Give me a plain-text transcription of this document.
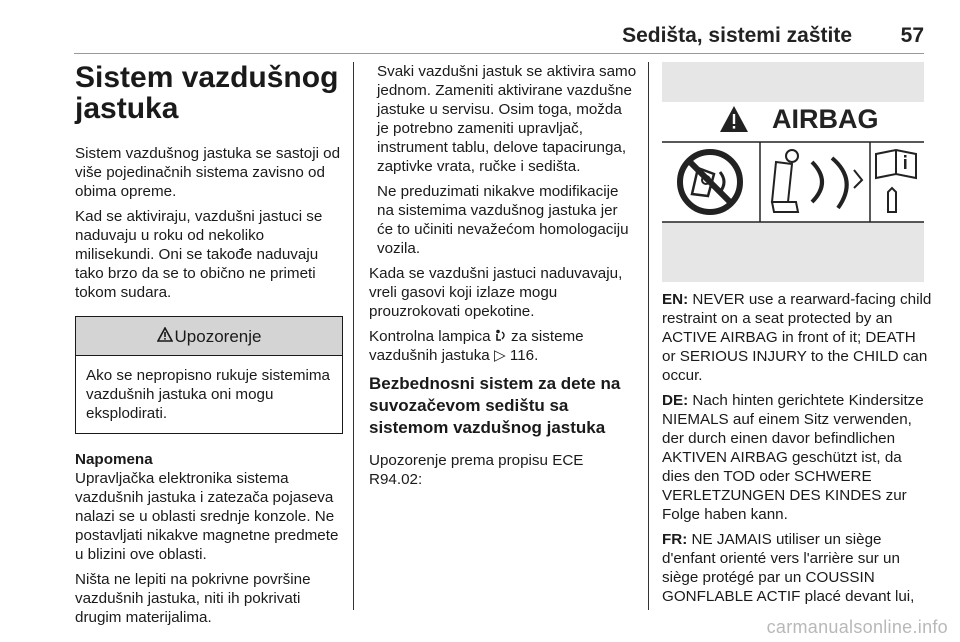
Sedišta, sistemi zaštite 57
Sistem vazdušnog jastuka

Sistem vazdušnog jastuka se sastoji od više pojedinačnih sistema zavisno od obima opreme.

Kad se aktiviraju, vazdušni jastuci se naduvaju u roku od nekoliko milisekundi. Oni se takođe naduvaju tako brzo da se to obično ne primeti tokom sudara.

Upozorenje

Ako se nepropisno rukuje sistemima vazdušnih jastuka oni mogu eksplodirati.

Napomena

Upravljačka elektronika sistema vazdušnih jastuka i zatezača pojaseva nalazi se u oblasti srednje konzole. Ne postavljati nikakve magnetne predmete u blizini ove oblasti.

Ništa ne lepiti na pokrivne površine vazdušnih jastuka, niti ih pokrivati drugim materijalima.

Svaki vazdušni jastuk se aktivira samo jednom. Zameniti aktivirane vazdušne jastuke u servisu. Osim toga, možda je potrebno zameniti upravljač, instrument tablu, delove tapacirunga, zaptivke vrata, ručke i sedišta.

Ne preduzimati nikakve modifikacije na sistemima vazdušnog jastuka jer će to učiniti nevažećom homologaciju vozila.

Kada se vazdušni jastuci naduvavaju, vreli gasovi koji izlaze mogu prouzrokovati opekotine.

Kontrolna lampica za sisteme vazdušnih jastuka ▷ 116.

Bezbednosni sistem za dete na suvozačevom sedištu sa sistemom vazdušnog jastuka

Upozorenje prema propisu ECE R94.02:

AIRBAG

EN: NEVER use a rearward-facing child restraint on a seat protected by an ACTIVE AIRBAG in front of it; DEATH or SERIOUS INJURY to the CHILD can occur.

DE: Nach hinten gerichtete Kindersitze NIEMALS auf einem Sitz verwenden, der durch einen davor befindlichen AKTIVEN AIRBAG geschützt ist, da dies den TOD oder SCHWERE VERLETZUNGEN DES KINDES zur Folge haben kann.

FR: NE JAMAIS utiliser un siège d'enfant orienté vers l'arrière sur un siège protégé par un COUSSIN GONFLABLE ACTIF placé devant lui,

carmanualsonline.info
